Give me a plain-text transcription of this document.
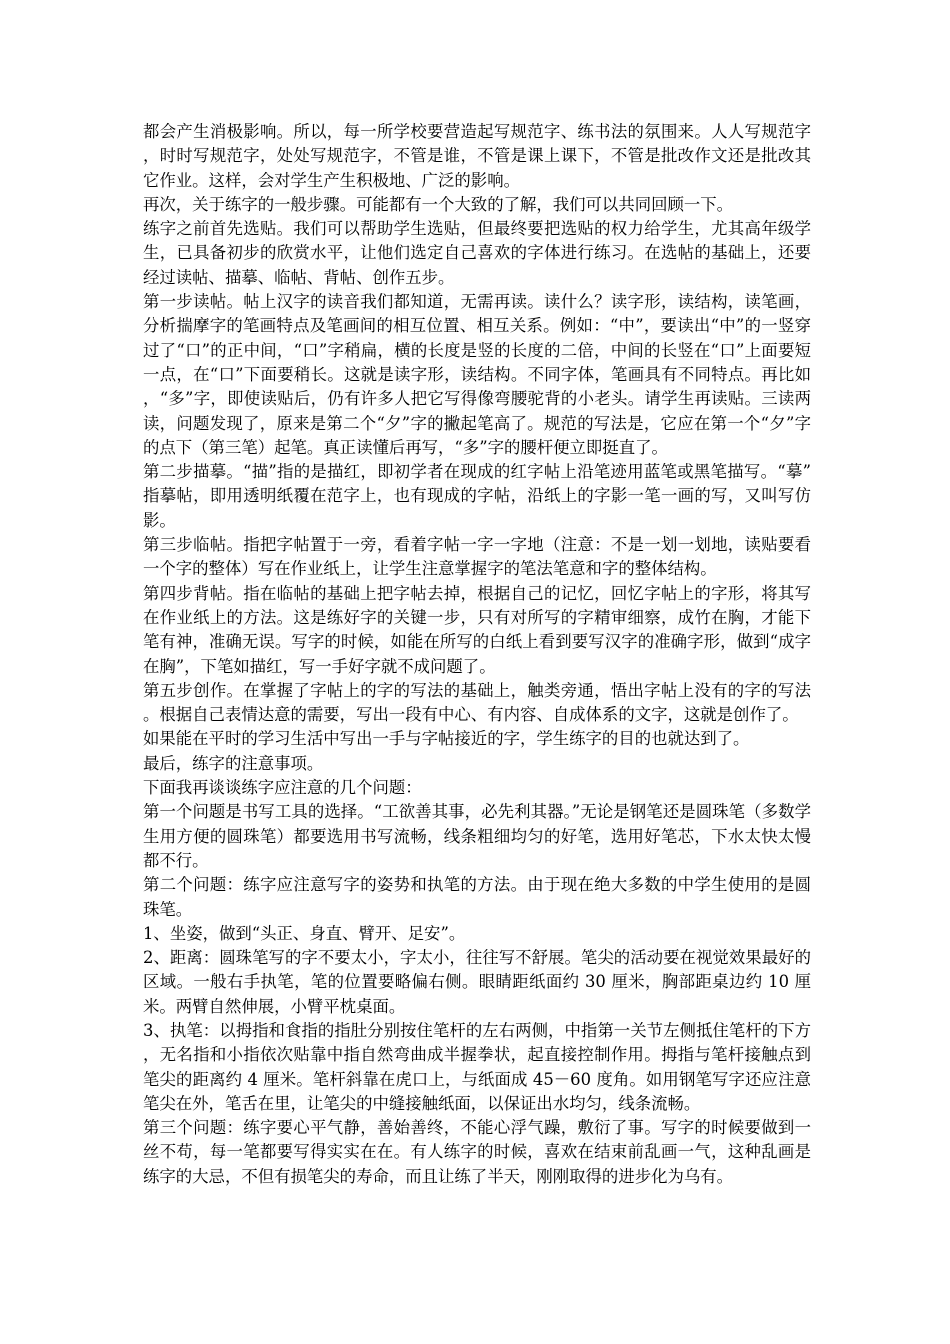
都会产生消极影响。所以，每一所学校要营造起写规范字、练书法的氛围来。人人写规范字，时时写规范字，处处写规范字，不管是谁，不管是课上课下，不管是批改作文还是批改其它作业。这样，会对学生产生积极地、广泛的影响。

再次，关于练字的一般步骤。可能都有一个大致的了解，我们可以共同回顾一下。

练字之前首先选贴。我们可以帮助学生选贴，但最终要把选贴的权力给学生，尤其高年级学生，已具备初步的欣赏水平，让他们选定自己喜欢的字体进行练习。在选帖的基础上，还要经过读帖、描摹、临帖、背帖、创作五步。

第一步读帖。帖上汉字的读音我们都知道，无需再读。读什么？读字形，读结构，读笔画，分析揣摩字的笔画特点及笔画间的相互位置、相互关系。例如：“中”，要读出“中”的一竖穿过了“口”的正中间，“口”字稍扁，横的长度是竖的长度的二倍，中间的长竖在“口”上面要短一点，在“口”下面要稍长。这就是读字形，读结构。不同字体，笔画具有不同特点。再比如，“多”字，即使读贴后，仍有许多人把它写得像弯腰驼背的小老头。请学生再读贴。三读两读，问题发现了，原来是第二个“夕”字的撇起笔高了。规范的写法是，它应在第一个“夕”字的点下（第三笔）起笔。真正读懂后再写，“多”字的腰杆便立即挺直了。

第二步描摹。“描”指的是描红，即初学者在现成的红字帖上沿笔迹用蓝笔或黑笔描写。“摹”指摹帖，即用透明纸覆在范字上，也有现成的字帖，沿纸上的字影一笔一画的写，又叫写仿影。

第三步临帖。指把字帖置于一旁，看着字帖一字一字地（注意：不是一划一划地，读贴要看一个字的整体）写在作业纸上，让学生注意掌握字的笔法笔意和字的整体结构。

第四步背帖。指在临帖的基础上把字帖去掉，根据自己的记忆，回忆字帖上的字形，将其写在作业纸上的方法。这是练好字的关键一步，只有对所写的字精审细察，成竹在胸，才能下笔有神，准确无误。写字的时候，如能在所写的白纸上看到要写汉字的准确字形，做到“成字在胸”，下笔如描红，写一手好字就不成问题了。

第五步创作。在掌握了字帖上的字的写法的基础上，触类旁通，悟出字帖上没有的字的写法。根据自己表情达意的需要，写出一段有中心、有内容、自成体系的文字，这就是创作了。

如果能在平时的学习生活中写出一手与字帖接近的字，学生练字的目的也就达到了。

最后，练字的注意事项。

下面我再谈谈练字应注意的几个问题：

第一个问题是书写工具的选择。“工欲善其事，必先利其器。”无论是钢笔还是圆珠笔（多数学生用方便的圆珠笔）都要选用书写流畅，线条粗细均匀的好笔，选用好笔芯，下水太快太慢都不行。

第二个问题：练字应注意写字的姿势和执笔的方法。由于现在绝大多数的中学生使用的是圆珠笔。

1、坐姿，做到“头正、身直、臂开、足安”。

2、距离：圆珠笔写的字不要太小，字太小，往往写不舒展。笔尖的活动要在视觉效果最好的区域。一般右手执笔，笔的位置要略偏右侧。眼睛距纸面约 30 厘米，胸部距桌边约 10 厘米。两臂自然伸展，小臂平枕桌面。

3、执笔：以拇指和食指的指肚分别按住笔杆的左右两侧，中指第一关节左侧抵住笔杆的下方，无名指和小指依次贴靠中指自然弯曲成半握拳状，起直接控制作用。拇指与笔杆接触点到笔尖的距离约 4 厘米。笔杆斜靠在虎口上，与纸面成 45－60 度角。如用钢笔写字还应注意笔尖在外，笔舌在里，让笔尖的中缝接触纸面，以保证出水均匀，线条流畅。

第三个问题：练字要心平气静，善始善终，不能心浮气躁，敷衍了事。写字的时候要做到一丝不苟，每一笔都要写得实实在在。有人练字的时候，喜欢在结束前乱画一气，这种乱画是练字的大忌，不但有损笔尖的寿命，而且让练了半天，刚刚取得的进步化为乌有。
